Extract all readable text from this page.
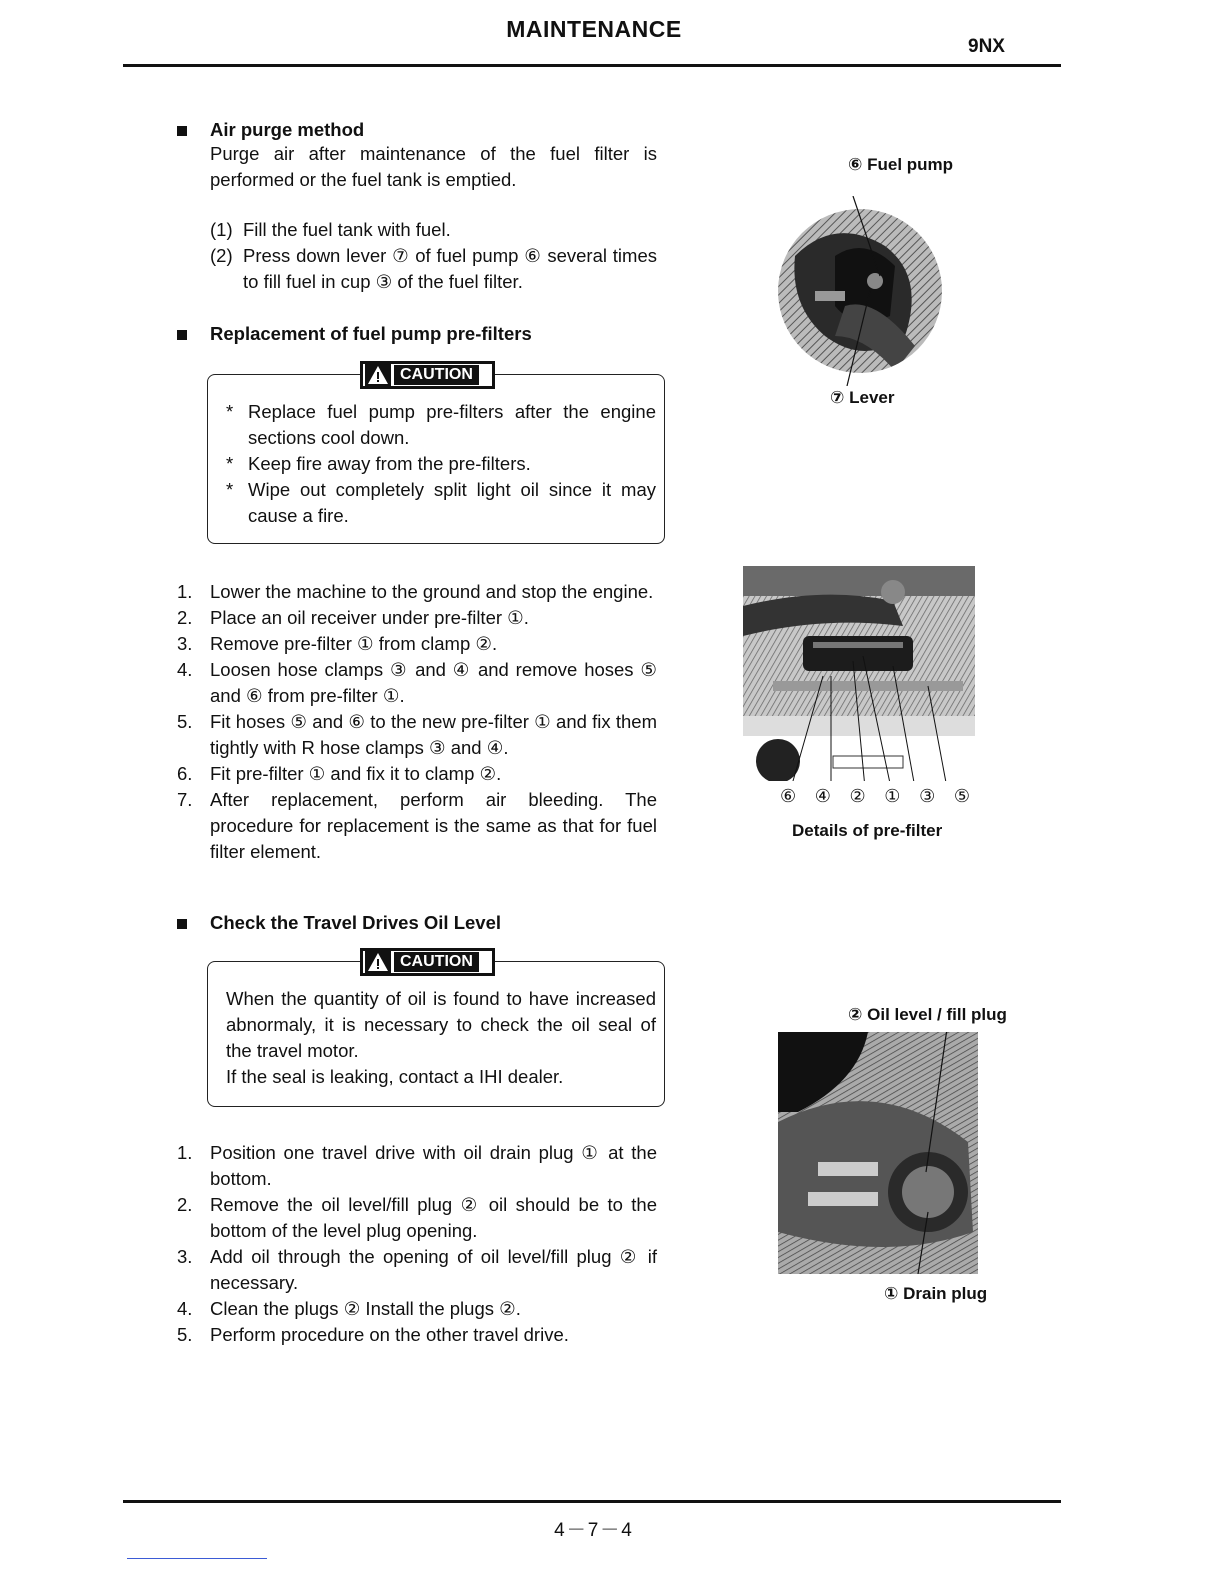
MAINTENANCE
9NX
Air purge method
Purge air after maintenance of the fuel filter is performed or the fuel tank is emptied.
(1) Fill the fuel tank with fuel.
(2) Press down lever ⑦ of fuel pump ⑥ several times to fill fuel in cup ③ of the fuel filter.
Replacement of fuel pump pre-filters
CAUTION
* Replace fuel pump pre-filters after the engine sections cool down.
* Keep fire away from the pre-filters.
* Wipe out completely split light oil since it may cause a fire.
1. Lower the machine to the ground and stop the engine.
2. Place an oil receiver under pre-filter ①.
3. Remove pre-filter ① from clamp ②.
4. Loosen hose clamps ③ and ④ and remove hoses ⑤ and ⑥ from pre-filter ①.
5. Fit hoses ⑤ and ⑥ to the new pre-filter ① and fix them tightly with R hose clamps ③ and ④.
6. Fit pre-filter ① and fix it to clamp ②.
7. After replacement, perform air bleeding. The procedure for replacement is the same as that for fuel filter element.
Check the Travel Drives Oil Level
CAUTION
When the quantity of oil is found to have increased abnormaly, it is necessary to check the oil seal of the travel motor.
If the seal is leaking, contact a IHI dealer.
1. Position one travel drive with oil drain plug ① at the bottom.
2. Remove the oil level/fill plug ② oil should be to the bottom of the level plug opening.
3. Add oil through the opening of oil level/fill plug ② if necessary.
4. Clean the plugs ② Install the plugs ②.
5. Perform procedure on the other travel drive.
⑥ Fuel pump
⑦ Lever
⑥ ④ ② ① ③ ⑤
Details of pre-filter
② Oil level / fill plug
① Drain plug
4－7－4
